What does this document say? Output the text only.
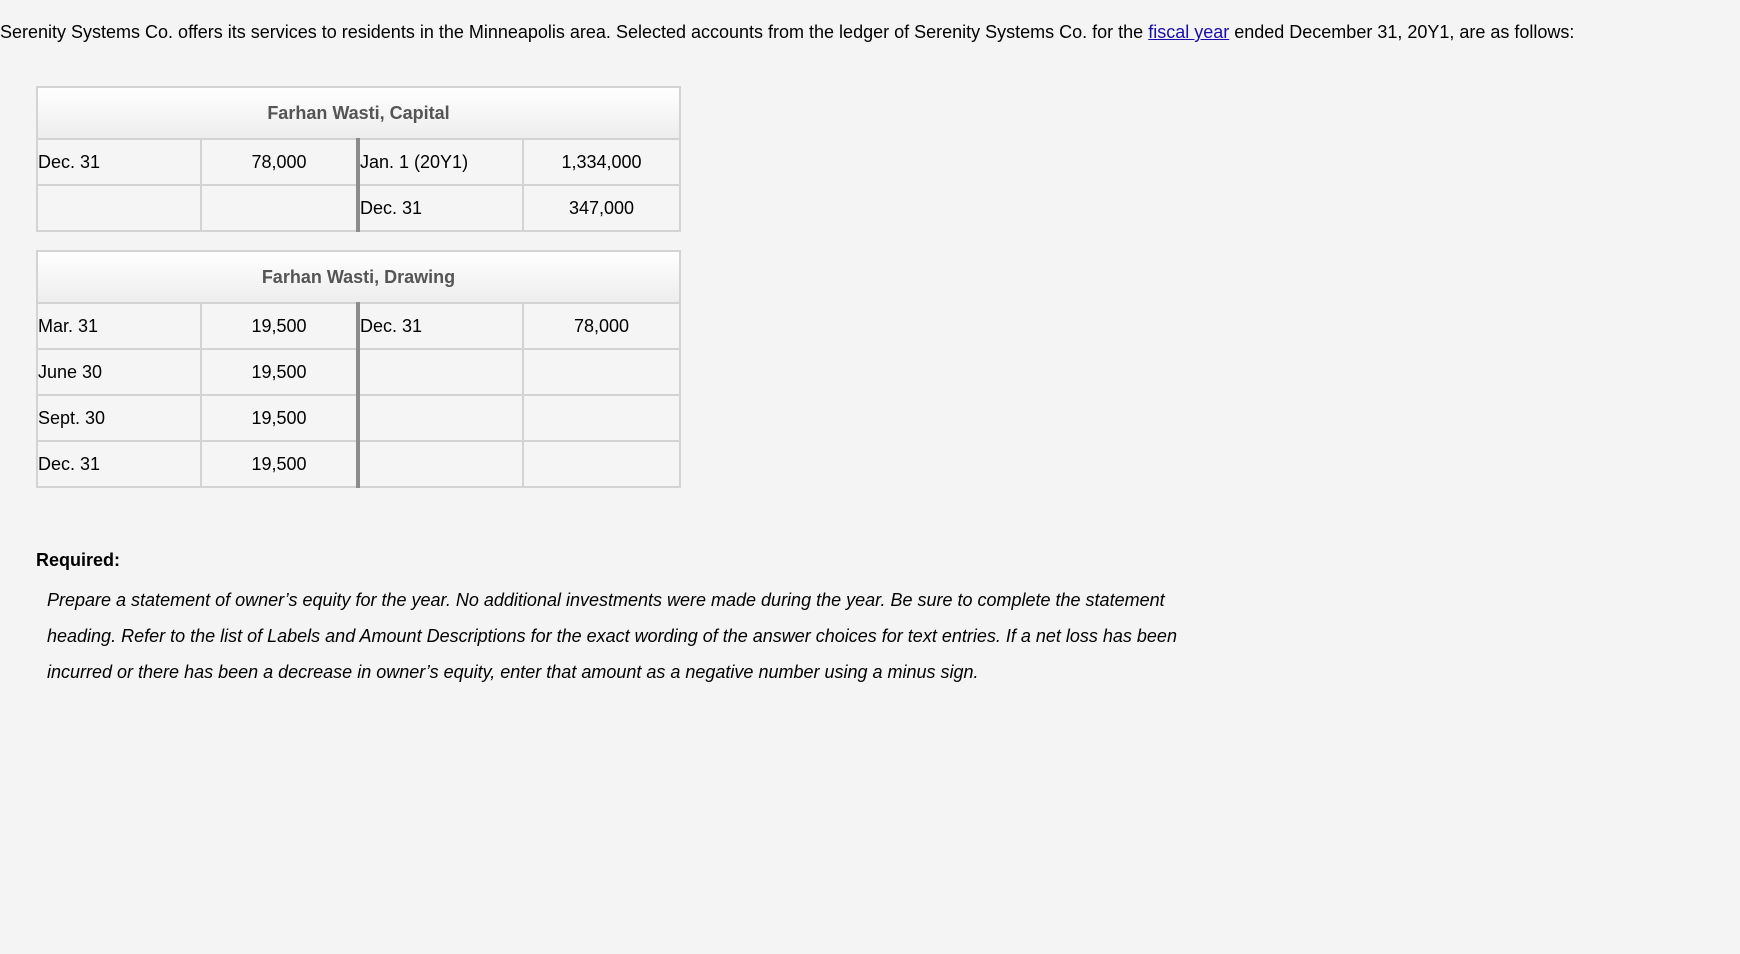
Serenity Systems Co. offers its services to residents in the Minneapolis area. Selected accounts from the ledger of Serenity Systems Co. for the fiscal year ended December 31, 20Y1, are as follows:
Farhan Wasti, Capital			
Dec. 31	78,000	Jan. 1 (20Y1)	1,334,000
		Dec. 31	347,000
Farhan Wasti, Drawing			
Mar. 31	19,500	Dec. 31	78,000
June 30	19,500		
Sept. 30	19,500		
Dec. 31	19,500		
Required:
Prepare a statement of owner’s equity for the year. No additional investments were made during the year. Be sure to complete the statement heading. Refer to the list of Labels and Amount Descriptions for the exact wording of the answer choices for text entries. If a net loss has been incurred or there has been a decrease in owner’s equity, enter that amount as a negative number using a minus sign.
